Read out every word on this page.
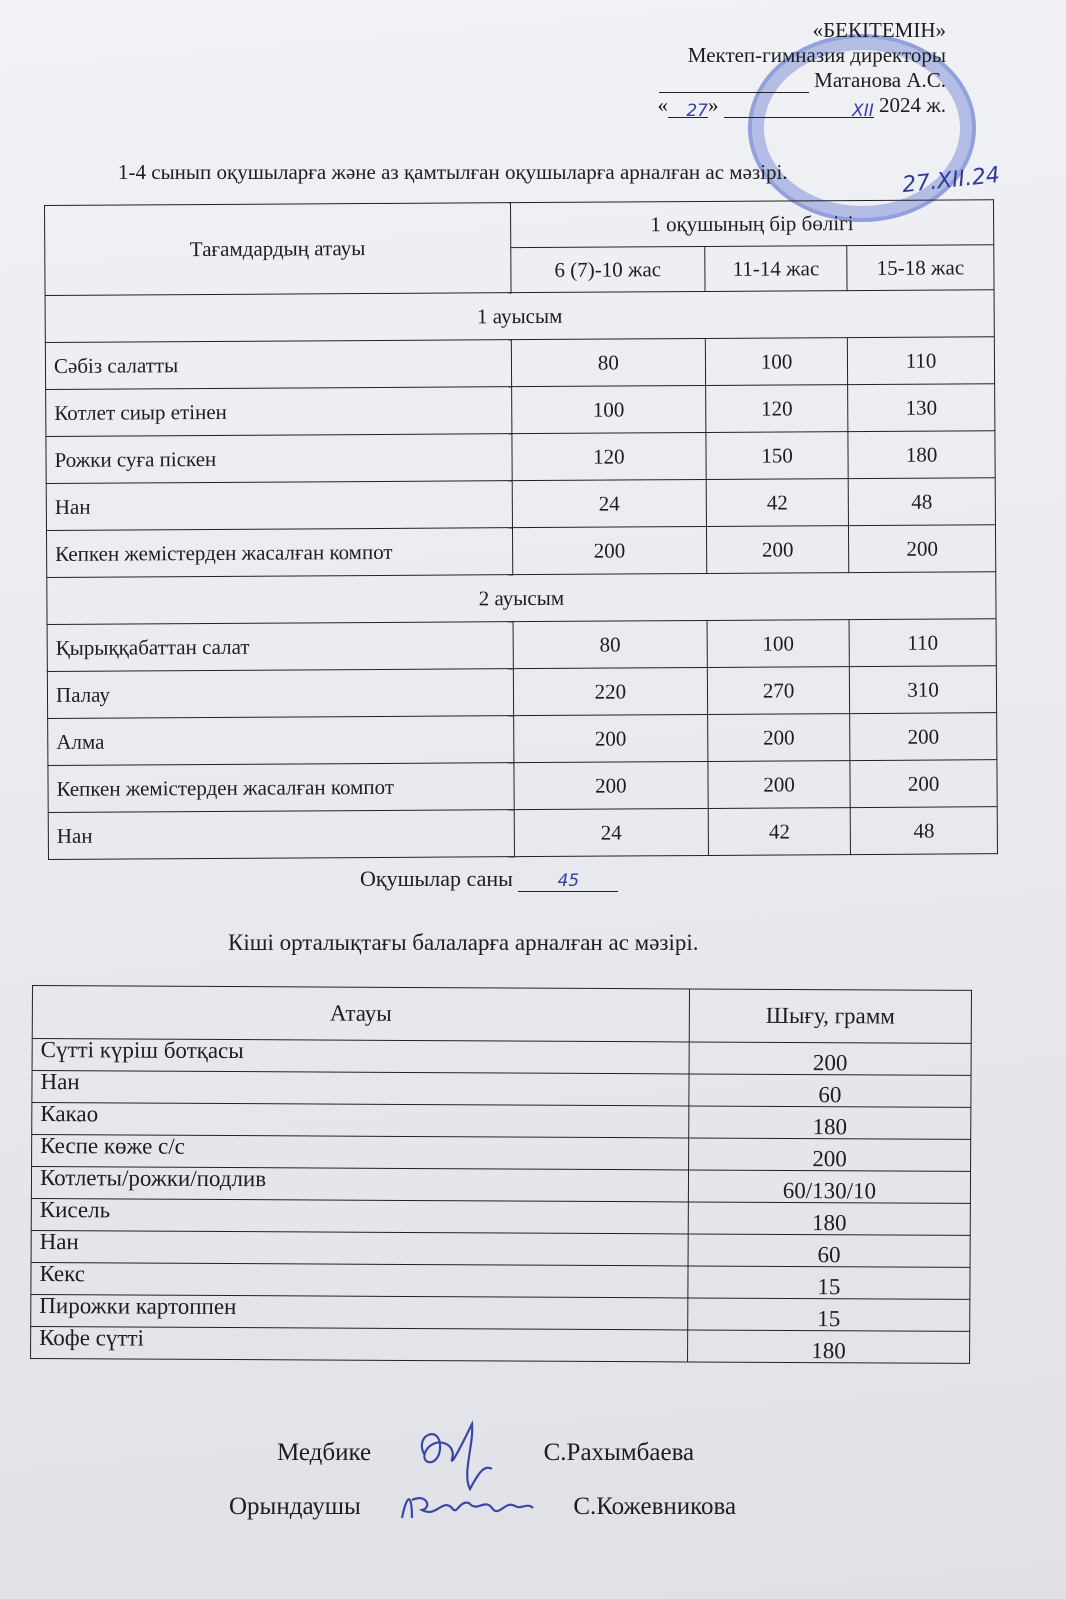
«БЕКІТЕМІН»
Мектеп-гимназия директоры
Матанова А.С.
« 27»	XII 2024 ж.
27.XII.24
1-4 сынып оқушыларға және аз қамтылған оқушыларға арналған ас мәзірі.
Тағамдардың атауы	1 оқушының бір бөлігі		
	6 (7)-10 жас	11-14 жас	15-18 жас
1 ауысым			
Сәбіз салатты	80	100	110
Котлет сиыр етінен	100	120	130
Рожки суға піскен	120	150	180
Нан	24	42	48
Кепкен жемістерден жасалған компот	200	200	200
2 ауысым			
Қырыққабаттан салат	80	100	110
Палау	220	270	310
Алма	200	200	200
Кепкен жемістерден жасалған компот	200	200	200
Нан	24	42	48
Оқушылар саны	45
Кіші орталықтағы балаларға арналған ас мәзірі.
Атауы	Шығу, грамм
Сүтті күріш ботқасы	200
Нан	60
Какао	180
Кеспе көже с/с	200
Котлеты/рожки/подлив	60/130/10
Кисель	180
Нан	60
Кекс	15
Пирожки картоппен	15
Кофе сүтті	180
Медбике	С.Рахымбаева
Орындаушы	С.Кожевникова
